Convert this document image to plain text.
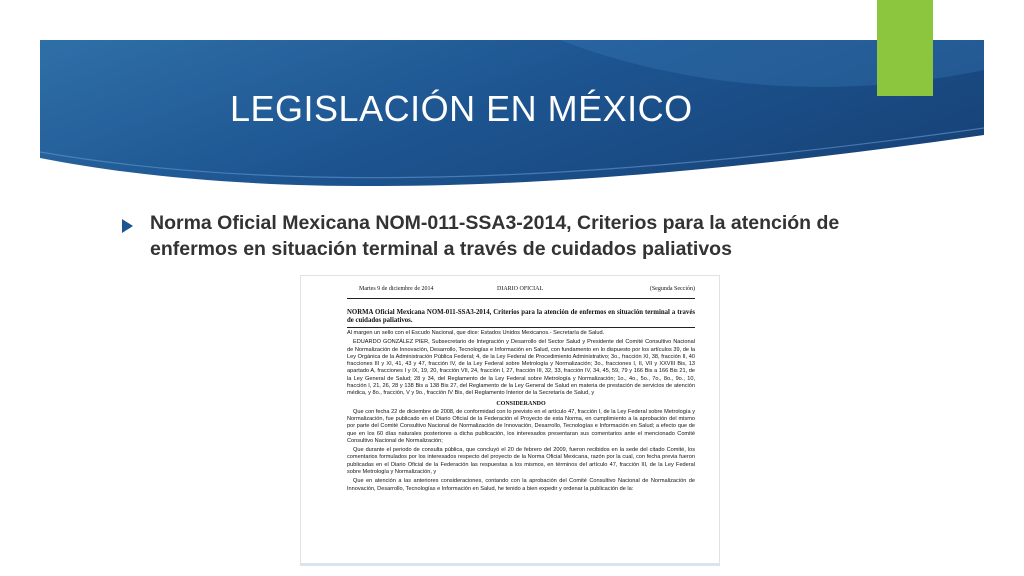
LEGISLACIÓN EN MÉXICO
Norma Oficial Mexicana NOM-011-SSA3-2014, Criterios para la atención de enfermos en situación terminal a través de cuidados paliativos
Martes 9 de diciembre de 2014	DIARIO OFICIAL	(Segunda Sección)
NORMA Oficial Mexicana NOM-011-SSA3-2014, Criterios para la atención de enfermos en situación terminal a través de cuidados paliativos.

Al margen un sello con el Escudo Nacional, que dice: Estados Unidos Mexicanos.- Secretaría de Salud.

EDUARDO GONZÁLEZ PIER, Subsecretario de Integración y Desarrollo del Sector Salud y Presidente del Comité Consultivo Nacional de Normalización de Innovación, Desarrollo, Tecnologías e Información en Salud, con fundamento en lo dispuesto por los artículos 39, de la Ley Orgánica de la Administración Pública Federal; 4, de la Ley Federal de Procedimiento Administrativo; 3o., fracción XI, 38, fracción II, 40 fracciones III y XI, 41, 43 y 47, fracción IV, de la Ley Federal sobre Metrología y Normalización; 3o., fracciones I, II, VII y XXVIII Bis, 13 apartado A, fracciones I y IX, 19, 20, fracción VII, 24, fracción I, 27, fracción III, 32, 33, fracción IV, 34, 45, 59, 79 y 166 Bis a 166 Bis 21, de la Ley General de Salud; 28 y 34, del Reglamento de la Ley Federal sobre Metrología y Normalización; 1o., 4o., 5o., 7o., 8o., 9o., 10, fracción I, 21, 26, 28 y 138 Bis a 138 Bis 27, del Reglamento de la Ley General de Salud en materia de prestación de servicios de atención médica, y 8o., fracción, V y 9o., fracción IV Bis, del Reglamento Interior de la Secretaría de Salud, y

CONSIDERANDO

Que con fecha 22 de diciembre de 2008, de conformidad con lo previsto en el artículo 47, fracción I, de la Ley Federal sobre Metrología y Normalización, fue publicado en el Diario Oficial de la Federación el Proyecto de esta Norma, en cumplimiento a la aprobación del mismo por parte del Comité Consultivo Nacional de Normalización de Innovación, Desarrollo, Tecnologías e Información en Salud; a efecto que de que en los 60 días naturales posteriores a dicha publicación, los interesados presentaran sus comentarios ante el mencionado Comité Consultivo Nacional de Normalización;

Que durante el periodo de consulta pública, que concluyó el 20 de febrero del 2009, fueron recibidos en la sede del citado Comité, los comentarios formulados por los interesados respecto del proyecto de la Norma Oficial Mexicana, razón por la cual, con fecha previa fueron publicadas en el Diario Oficial de la Federación las respuestas a los mismos, en términos del artículo 47, fracción III, de la Ley Federal sobre Metrología y Normalización, y

Que en atención a las anteriores consideraciones, contando con la aprobación del Comité Consultivo Nacional de Normalización de Innovación, Desarrollo, Tecnologías e Información en Salud, he tenido a bien expedir y ordenar la publicación de la:
